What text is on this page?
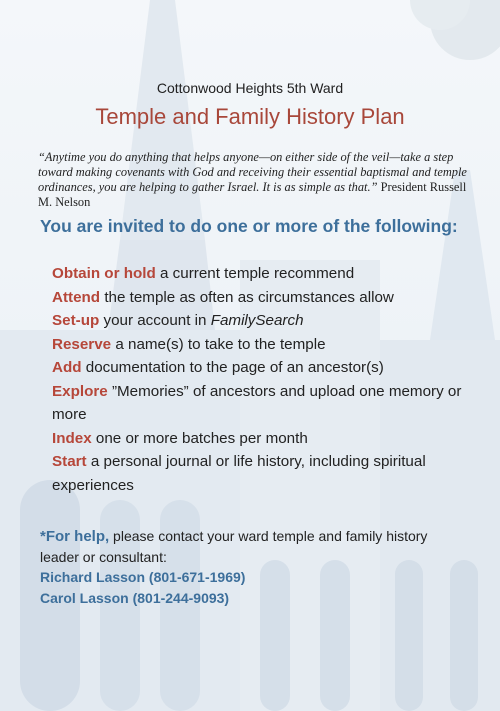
Cottonwood Heights 5th Ward
Temple and Family History Plan
“Anytime you do anything that helps anyone—on either side of the veil—take a step toward making covenants with God and receiving their essential baptismal and temple ordinances, you are helping to gather Israel. It is as simple as that.” President Russell M. Nelson
You are invited to do one or more of the following:
Obtain or hold a current temple recommend
Attend the temple as often as circumstances allow
Set-up your account in FamilySearch
Reserve a name(s) to take to the temple
Add documentation to the page of an ancestor(s)
Explore ”Memories” of ancestors and upload one memory or more
Index one or more batches per month
Start a personal journal or life history, including spiritual experiences
*For help, please contact your ward temple and family history leader or consultant:
Richard Lasson (801-671-1969)
Carol Lasson (801-244-9093)
